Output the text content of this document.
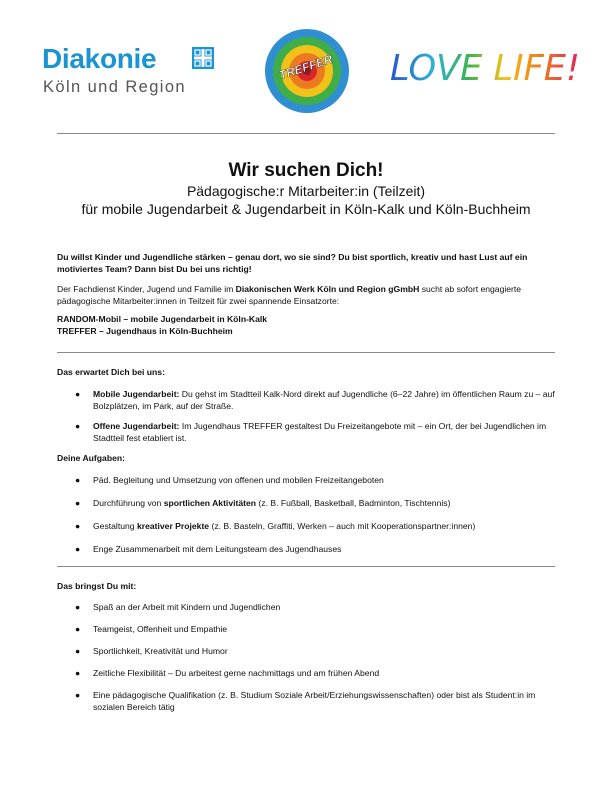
Diakonie
Köln und Region
TREFFER LOVE LIFE!
Wir suchen Dich!
Pädagogische:r Mitarbeiter:in (Teilzeit)
für mobile Jugendarbeit & Jugendarbeit in Köln-Kalk und Köln-Buchheim

Du willst Kinder und Jugendliche stärken – genau dort, wo sie sind? Du bist sportlich, kreativ und hast Lust auf ein motiviertes Team? Dann bist Du bei uns richtig!

Der Fachdienst Kinder, Jugend und Familie im Diakonischen Werk Köln und Region gGmbH sucht ab sofort engagierte pädagogische Mitarbeiter:innen in Teilzeit für zwei spannende Einsatzorte:

RANDOM-Mobil – mobile Jugendarbeit in Köln-Kalk

TREFFER – Jugendhaus in Köln-Buchheim

Das erwartet Dich bei uns:

● Mobile Jugendarbeit: Du gehst im Stadtteil Kalk-Nord direkt auf Jugendliche (6–22 Jahre) im öffentlichen Raum zu – auf Bolzplätzen, im Park, auf der Straße.
● Offene Jugendarbeit: Im Jugendhaus TREFFER gestaltest Du Freizeitangebote mit – ein Ort, der bei Jugendlichen im Stadtteil fest etabliert ist.

Deine Aufgaben:

● Päd. Begleitung und Umsetzung von offenen und mobilen Freizeitangeboten
● Durchführung von sportlichen Aktivitäten (z. B. Fußball, Basketball, Badminton, Tischtennis)
● Gestaltung kreativer Projekte (z. B. Basteln, Graffiti, Werken – auch mit Kooperationspartner:innen)
● Enge Zusammenarbeit mit dem Leitungsteam des Jugendhauses

Das bringst Du mit:

● Spaß an der Arbeit mit Kindern und Jugendlichen
● Teamgeist, Offenheit und Empathie
● Sportlichkeit, Kreativität und Humor
● Zeitliche Flexibilität – Du arbeitest gerne nachmittags und am frühen Abend
● Eine pädagogische Qualifikation (z. B. Studium Soziale Arbeit/Erziehungswissenschaften) oder bist als Student:in im sozialen Bereich tätig
